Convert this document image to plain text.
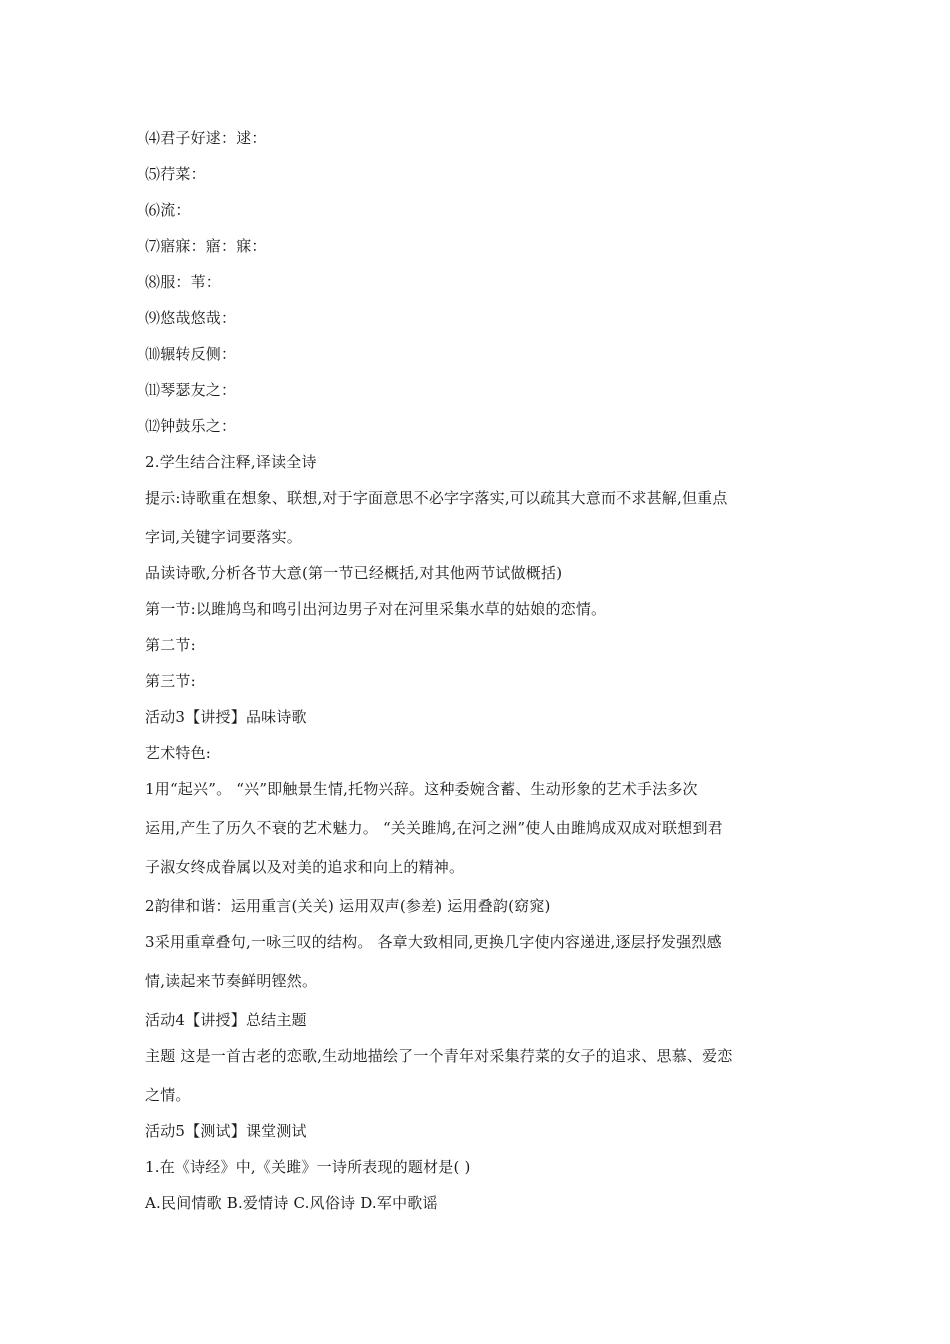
⑷君子好逑：逑：
⑸荇菜：
⑹流：
⑺寤寐：寤：寐：
⑻服：苇：
⑼悠哉悠哉：
⑽辗转反侧：
⑾琴瑟友之：
⑿钟鼓乐之：
2.学生结合注释,译读全诗
提示:诗歌重在想象、联想,对于字面意思不必字字落实,可以疏其大意而不求甚解,但重点
字词,关键字词要落实。
品读诗歌,分析各节大意(第一节已经概括,对其他两节试做概括)
第一节:以雎鸠鸟和鸣引出河边男子对在河里采集水草的姑娘的恋情。
第二节:
第三节:
活动3【讲授】品味诗歌
艺术特色:
1用“起兴”。 “兴”即触景生情,托物兴辞。这种委婉含蓄、生动形象的艺术手法多次
运用,产生了历久不衰的艺术魅力。 “关关雎鸠,在河之洲”使人由雎鸠成双成对联想到君
子淑女终成眷属以及对美的追求和向上的精神。
2韵律和谐：运用重言(关关) 运用双声(参差) 运用叠韵(窈窕)
3采用重章叠句,一咏三叹的结构。 各章大致相同,更换几字使内容递进,逐层抒发强烈感
情,读起来节奏鲜明铿然。
活动4【讲授】总结主题
主题 这是一首古老的恋歌,生动地描绘了一个青年对采集荇菜的女子的追求、思慕、爱恋
之情。
活动5【测试】课堂测试
1.在《诗经》中,《关雎》一诗所表现的题材是( )
A.民间情歌 B.爱情诗 C.风俗诗 D.军中歌谣
